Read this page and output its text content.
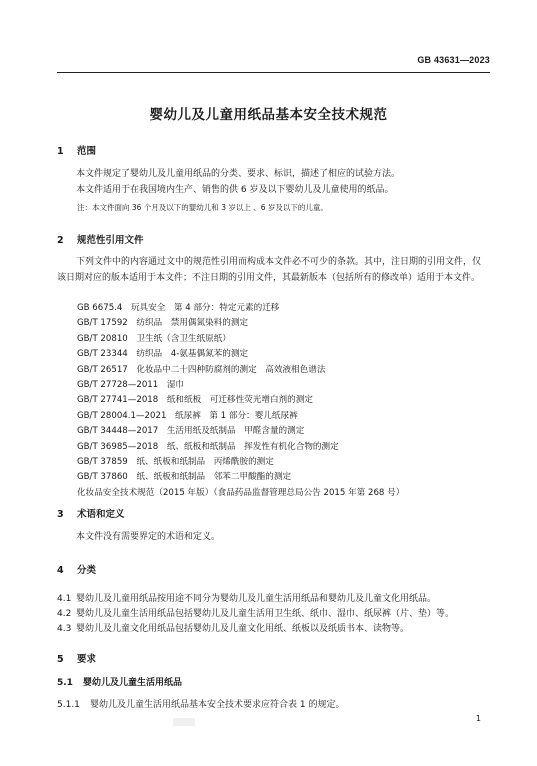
GB 43631—2023
婴幼儿及儿童用纸品基本安全技术规范
1 范围
本文件规定了婴幼儿及儿童用纸品的分类、要求、标识，描述了相应的试验方法。
本文件适用于在我国境内生产、销售的供 6 岁及以下婴幼儿及儿童使用的纸品。
注：本文件面向 36 个月及以下的婴幼儿和 3 岁以上 、6 岁及以下的儿童。
2 规范性引用文件
下列文件中的内容通过文中的规范性引用而构成本文件必不可少的条款。其中，注日期的引用文件，仅该日期对应的版本适用于本文件；不注日期的引用文件，其最新版本（包括所有的修改单）适用于本文件。
GB 6675.4　玩具安全　第 4 部分：特定元素的迁移
GB/T 17592　纺织品　禁用偶氮染料的测定
GB/T 20810　卫生纸（含卫生纸原纸）
GB/T 23344　纺织品　4-氨基偶氮苯的测定
GB/T 26517　化妆品中二十四种防腐剂的测定　高效液相色谱法
GB/T 27728—2011　湿巾
GB/T 27741—2018　纸和纸板　可迁移性荧光增白剂的测定
GB/T 28004.1—2021　纸尿裤　第 1 部分：婴儿纸尿裤
GB/T 34448—2017　生活用纸及纸制品　甲醛含量的测定
GB/T 36985—2018　纸、纸板和纸制品　挥发性有机化合物的测定
GB/T 37859　纸、纸板和纸制品　丙烯酰胺的测定
GB/T 37860　纸、纸板和纸制品　邻苯二甲酸酯的测定
化妆品安全技术规范（2015 年版）（食品药品监督管理总局公告 2015 年第 268 号）
3 术语和定义
本文件没有需要界定的术语和定义。
4 分类
4.1 婴幼儿及儿童用纸品按用途不同分为婴幼儿及儿童生活用纸品和婴幼儿及儿童文化用纸品。
4.2 婴幼儿及儿童生活用纸品包括婴幼儿及儿童生活用卫生纸、纸巾、湿巾、纸尿裤（片、垫）等。
4.3 婴幼儿及儿童文化用纸品包括婴幼儿及儿童文化用纸、纸板以及纸质书本、读物等。
5 要求
5.1 婴幼儿及儿童生活用纸品
5.1.1 婴幼儿及儿童生活用纸品基本安全技术要求应符合表 1 的规定。
1
